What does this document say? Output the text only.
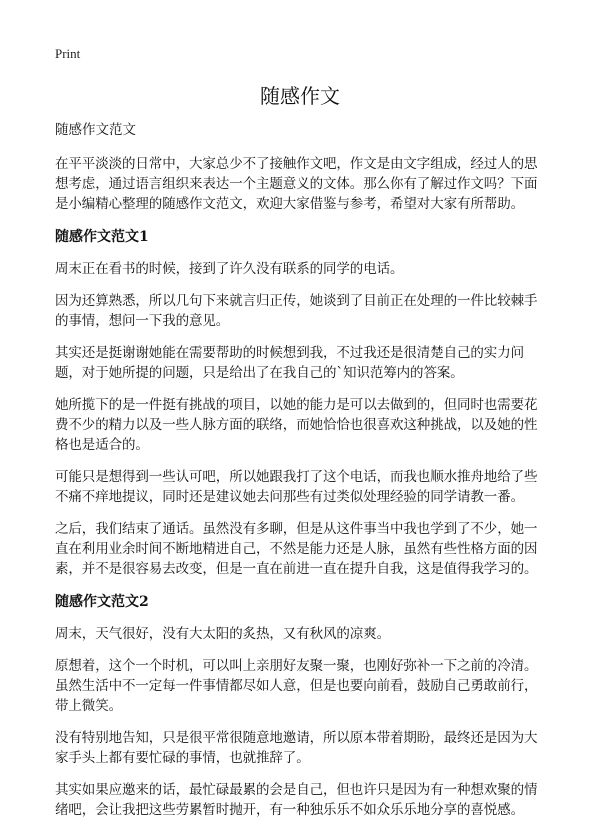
Print
随感作文

随感作文范文

在平平淡淡的日常中，大家总少不了接触作文吧，作文是由文字组成，经过人的思想考虑，通过语言组织来表达一个主题意义的文体。那么你有了解过作文吗？下面是小编精心整理的随感作文范文，欢迎大家借鉴与参考，希望对大家有所帮助。

随感作文范文1

周末正在看书的时候，接到了许久没有联系的同学的电话。

因为还算熟悉，所以几句下来就言归正传，她谈到了目前正在处理的一件比较棘手的事情，想问一下我的意见。

其实还是挺谢谢她能在需要帮助的时候想到我，不过我还是很清楚自己的实力问题，对于她所提的问题，只是给出了在我自己的`知识范筹内的答案。

她所揽下的是一件挺有挑战的项目，以她的能力是可以去做到的，但同时也需要花费不少的精力以及一些人脉方面的联络，而她恰恰也很喜欢这种挑战，以及她的性格也是适合的。

可能只是想得到一些认可吧，所以她跟我打了这个电话，而我也顺水推舟地给了些不痛不痒地提议，同时还是建议她去问那些有过类似处理经验的同学请教一番。

之后，我们结束了通话。虽然没有多聊，但是从这件事当中我也学到了不少，她一直在利用业余时间不断地精进自己，不然是能力还是人脉，虽然有些性格方面的因素，并不是很容易去改变，但是一直在前进一直在提升自我，这是值得我学习的。

随感作文范文2

周末，天气很好，没有大太阳的炙热，又有秋风的凉爽。

原想着，这个一个时机，可以叫上亲朋好友聚一聚，也刚好弥补一下之前的冷清。虽然生活中不一定每一件事情都尽如人意，但是也要向前看，鼓励自己勇敢前行，带上微笑。

没有特别地告知，只是很平常很随意地邀请，所以原本带着期盼，最终还是因为大家手头上都有要忙碌的事情，也就推辞了。

其实如果应邀来的话，最忙碌最累的会是自己，但也许只是因为有一种想欢聚的情绪吧，会让我把这些劳累暂时抛开，有一种独乐乐不如众乐乐地分享的喜悦感。
